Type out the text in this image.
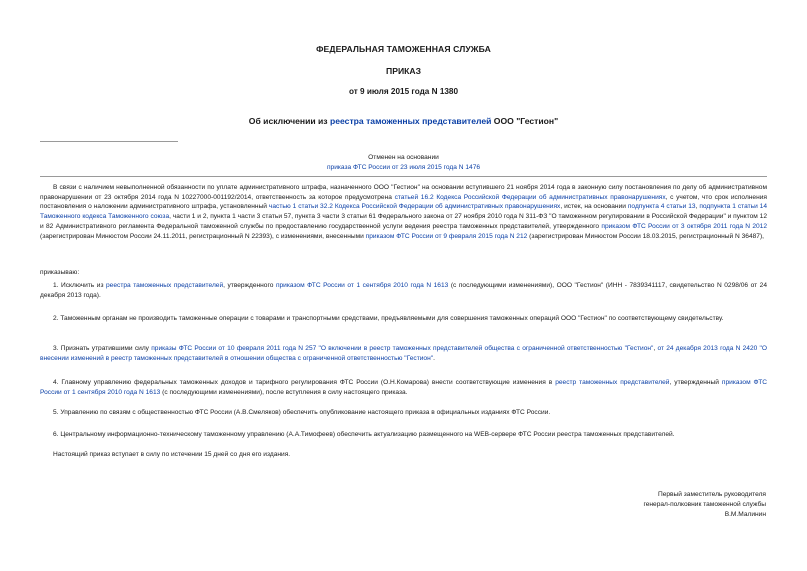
ФЕДЕРАЛЬНАЯ ТАМОЖЕННАЯ СЛУЖБА
ПРИКАЗ
от 9 июля 2015 года N 1380
Об исключении из реестра таможенных представителей ООО "Гестион"
Отменен на основании
приказа ФТС России от 23 июля 2015 года N 1476
В связи с наличием невыполненной обязанности по уплате административного штрафа, назначенного ООО "Гестион" на основании вступившего 21 ноября 2014 года в законную силу постановления по делу об административном правонарушении от 23 октября 2014 года N 10227000-001192/2014, ответственность за которое предусмотрена статьей 16.2 Кодекса Российской Федерации об административных правонарушениях, с учетом, что срок исполнения постановления о наложении административного штрафа, установленный частью 1 статьи 32.2 Кодекса Российской Федерации об административных правонарушениях, истек, на основании подпункта 4 статьи 13, подпункта 1 статьи 14 Таможенного кодекса Таможенного союза, части 1 и 2, пункта 1 части 3 статьи 57, пункта 3 части 3 статьи 61 Федерального закона от 27 ноября 2010 года N 311-ФЗ "О таможенном регулировании в Российской Федерации" и пунктом 12 и 82 Административного регламента Федеральной таможенной службы по предоставлению государственной услуги ведения реестра таможенных представителей, утвержденного приказом ФТС России от 3 октября 2011 года N 2012 (зарегистрирован Минюстом России 24.11.2011, регистрационный N 22393), с изменениями, внесенными приказом ФТС России от 9 февраля 2015 года N 212 (зарегистрирован Минюстом России 18.03.2015, регистрационный N 36487),
приказываю:
1. Исключить из реестра таможенных представителей, утвержденного приказом ФТС России от 1 сентября 2010 года N 1613 (с последующими изменениями), ООО "Гестион" (ИНН - 7839341117, свидетельство N 0298/06 от 24 декабря 2013 года).
2. Таможенным органам не производить таможенные операции с товарами и транспортными средствами, предъявляемыми для совершения таможенных операций ООО "Гестион" по соответствующему свидетельству.
3. Признать утратившими силу приказы ФТС России от 10 февраля 2011 года N 257 "О включении в реестр таможенных представителей общества с ограниченной ответственностью "Гестион", от 24 декабря 2013 года N 2420 "О внесении изменений в реестр таможенных представителей в отношении общества с ограниченной ответственностью "Гестион".
4. Главному управлению федеральных таможенных доходов и тарифного регулирования ФТС России (О.Н.Комарова) внести соответствующие изменения в реестр таможенных представителей, утвержденный приказом ФТС России от 1 сентября 2010 года N 1613 (с последующими изменениями), после вступления в силу настоящего приказа.
5. Управлению по связям с общественностью ФТС России (А.В.Смеляков) обеспечить опубликование настоящего приказа в официальных изданиях ФТС России.
6. Центральному информационно-техническому таможенному управлению (А.А.Тимофеев) обеспечить актуализацию размещенного на WEB-сервере ФТС России реестра таможенных представителей.
Настоящий приказ вступает в силу по истечении 15 дней со дня его издания.
Первый заместитель руководителя
генерал-полковник таможенной службы
В.М.Малинин
